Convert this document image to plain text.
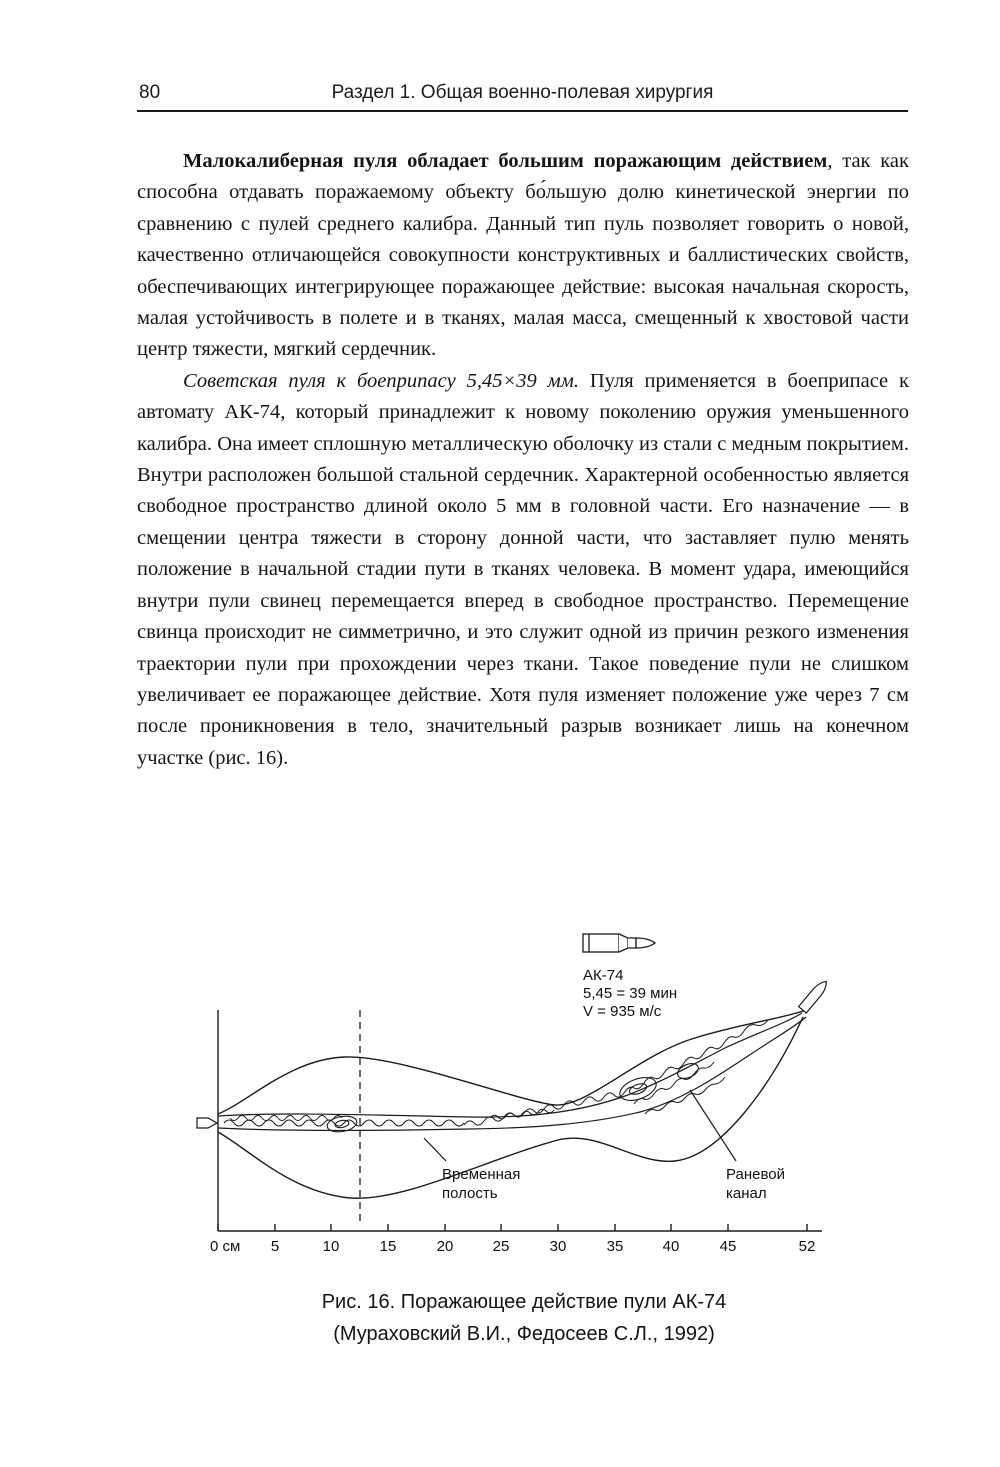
80	Раздел 1. Общая военно-полевая хирургия

Малокалиберная пуля обладает большим поражающим действием, так как способна отдавать поражаемому объекту бо́льшую долю кинетической энергии по сравнению с пулей среднего калибра. Данный тип пуль позволяет говорить о новой, качественно отличающейся совокупности конструктивных и баллистических свойств, обеспечивающих интегрирующее поражающее действие: высокая начальная скорость, малая устойчивость в полете и в тканях, малая масса, смещенный к хвостовой части центр тяжести, мягкий сердечник.

Советская пуля к боеприпасу 5,45×39 мм. Пуля применяется в боеприпасе к автомату АК-74, который принадлежит к новому поколению оружия уменьшенного калибра. Она имеет сплошную металлическую оболочку из стали с медным покрытием. Внутри расположен большой стальной сердечник. Характерной особенностью является свободное пространство длиной около 5 мм в головной части. Его назначение — в смещении центра тяжести в сторону донной части, что заставляет пулю менять положение в начальной стадии пути в тканях человека. В момент удара, имеющийся внутри пули свинец перемещается вперед в свободное пространство. Перемещение свинца происходит не симметрично, и это служит одной из причин резкого изменения траектории пули при прохождении через ткани. Такое поведение пули не слишком увеличивает ее поражающее действие. Хотя пуля изменяет положение уже через 7 см после проникновения в тело, значительный разрыв возникает лишь на конечном участке (рис. 16).

АК-74
5,45 = 39 мин
V = 935 м/с
Временная
полость
Раневой
канал
0 см 5	10	15	20	25	30	35	40	45	52
Рис. 16. Поражающее действие пули АК-74
(Мураховский В.И., Федосеев С.Л., 1992)
